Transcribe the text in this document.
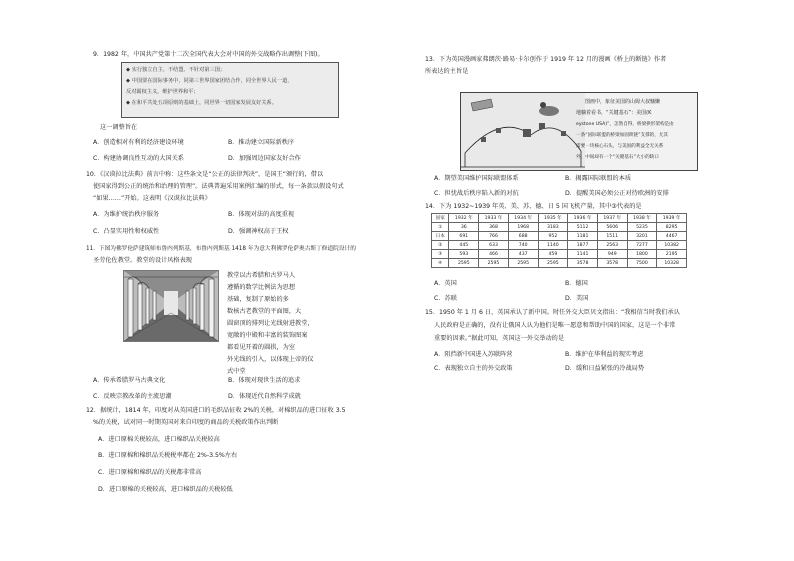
9．1982 年，中国共产党第十二次全国代表大会对中国的外交战略作出调整(下图)。
◆ 实行独立自主、不结盟、不针对第三国；
◆ 中国要在国际事务中，同第三世界国家团结合作，同全世界人民一道，
反对霸权主义，维护世界和平；
◆ 在和平共处五项原则的基础上，同世界一切国家发展友好关系。
这一调整旨在
A．创造相对有利的经济建设环境	B．推动建立国际新秩序
C．构建协调良性互动的大国关系	D．加强周边国家友好合作
10．《汉谟拉比法典》前言中称：这些条文是“公正的法律判决”，是国王“颁行的，借以
使国家得到公正的统治和治理的管理”。法典普遍采用案例汇编的形式，每一条款以假设句式
“如果……”开始。这表明《汉谟拉比法典》
A．为维护统治秩序服务	B．体现对法的高度重视
C．凸显实用性和权威性	D．强调神权高于王权
11．下图为佛罗伦萨建筑师布鲁内列斯基，布鲁内列斯基 1418 年为意大利佛罗伦萨奥古斯丁修道院设计的
圣劳伦佐教堂。教堂的设计风格表现
教堂以古希腊和古罗马人
遵循的数学比例法为思想
基础，复制了原始的多
数核古老教堂的平面图，大
圆窗顶的排列让光线射进教堂，
宽敞的中殿和丰富的装饰图案
都看见开着的圆拱，为室
外光线的引入，以体现上帝的仪
式中堂
A．传承希腊罗马古典文化	B．体现对现世生活的追求
C．反映宗教改革的主流思潮	D．体现近代自然科学成就
12．据统计，1814 年，印度对从英国进口的毛织品征收 2%的关税，对棉织品的进口征收 3.5
%的关税，试对同一时期英国对来自印度的商品的关税政策作出判断
A．进口原棉关税较高，进口棉织品关税较高
B．进口原棉和棉织品关税税率都在 2%-3.5%左右
C．进口原棉和棉织品的关税都非常高
D．进口原棉的关税较高，进口棉织品的关税较低
13．下为英国漫画家弗朗茨·路易·卡尔创作于 1919 年 12 月的漫画《桥上的断链》作者
所表达的主旨是
图画中，象征美国的山姆大叔慵懒
地躺着看书，“关键基石”：美国(K
eystone USA)”，怎然自得，桥梁拱形架构是由
一条“国际联盟的桥梁加固锁链”支撑的，尤其
需要一块核心石头，与美国的利益全无关系
外，中间却有一个“关键基石”大小的缺口
A．期望美国维护国际联盟体系	B．揭露国际联盟的本质
C．担忧战后秩序陷入新的对抗	D．提醒美国必须公正对待欧洲的安排
14．下为 1932~1939 年英、美、苏、德、日 5 国飞机产量，其中③代表的是
国家	1932 年	1933 年	1934 年	1935 年	1936 年	1937 年	1938 年	1939 年
①	36	368	1968	3183	5112	5606	5235	8295
日本	691	766	688	952	1181	1511	3201	4467
②	445	633	740	1140	1877	2563	7277	10382
③	593	466	437	459	1141	949	1800	2195
④	2595	2595	2595	2595	3578	3578	7500	10328
A．英国	B．德国
C．苏联	D．美国
15．1950 年 1 月 6 日，英国承认了新中国。时任外交大臣贝文指出：“我相信当时我们承认
人民政府是正确的，没有让俄国人认为他们是唯一愿意和帮助中国的国家，这是一个非常
重要的因素。”据此可知，英国这一外交举动的是
A．阻挡新中国进入苏联阵营	B．维护在华利益的现实考虑
C．表现独立自主的外交政策	D．缓和日益紧张的冷战局势
